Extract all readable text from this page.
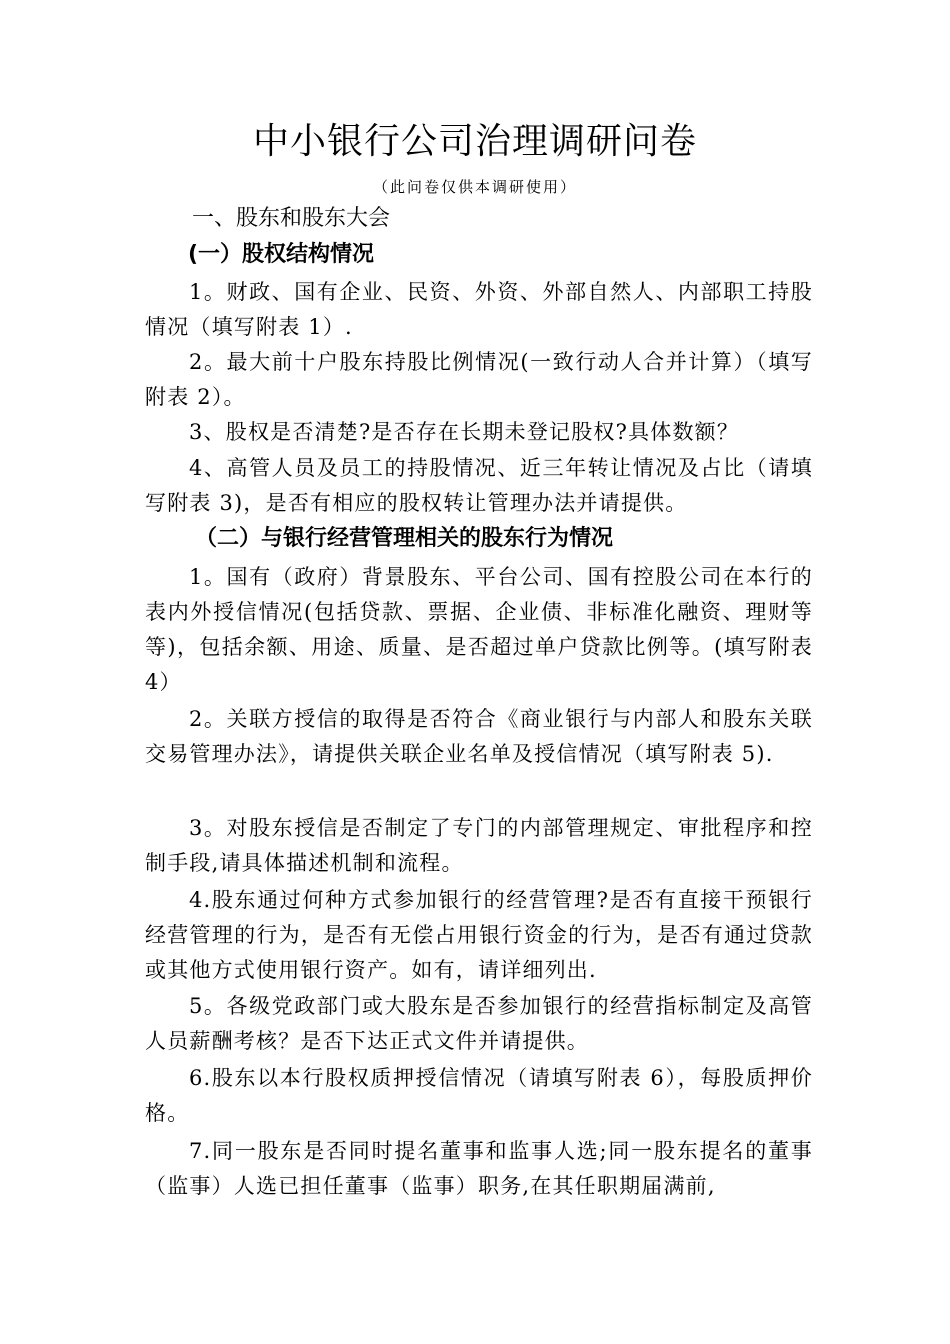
中小银行公司治理调研问卷
（此问卷仅供本调研使用）
一、股东和股东大会
(一）股权结构情况

1。财政、国有企业、民资、外资、外部自然人、内部职工持股情况（填写附表 1）.

2。最大前十户股东持股比例情况(一致行动人合并计算）（填写附表 2）。

3、股权是否清楚?是否存在长期未登记股权?具体数额？

4、高管人员及员工的持股情况、近三年转让情况及占比（请填写附表 3)，是否有相应的股权转让管理办法并请提供。

（二）与银行经营管理相关的股东行为情况

1。国有（政府）背景股东、平台公司、国有控股公司在本行的表内外授信情况(包括贷款、票据、企业债、非标准化融资、理财等等)，包括余额、用途、质量、是否超过单户贷款比例等。(填写附表 4）

2。关联方授信的取得是否符合《商业银行与内部人和股东关联交易管理办法》，请提供关联企业名单及授信情况（填写附表 5).

3。对股东授信是否制定了专门的内部管理规定、审批程序和控制手段,请具体描述机制和流程。

4.股东通过何种方式参加银行的经营管理?是否有直接干预银行经营管理的行为，是否有无偿占用银行资金的行为，是否有通过贷款或其他方式使用银行资产。如有，请详细列出.

5。各级党政部门或大股东是否参加银行的经营指标制定及高管人员薪酬考核？是否下达正式文件并请提供。

6.股东以本行股权质押授信情况（请填写附表 6），每股质押价格。

7.同一股东是否同时提名董事和监事人选;同一股东提名的董事（监事）人选已担任董事（监事）职务,在其任职期届满前,
